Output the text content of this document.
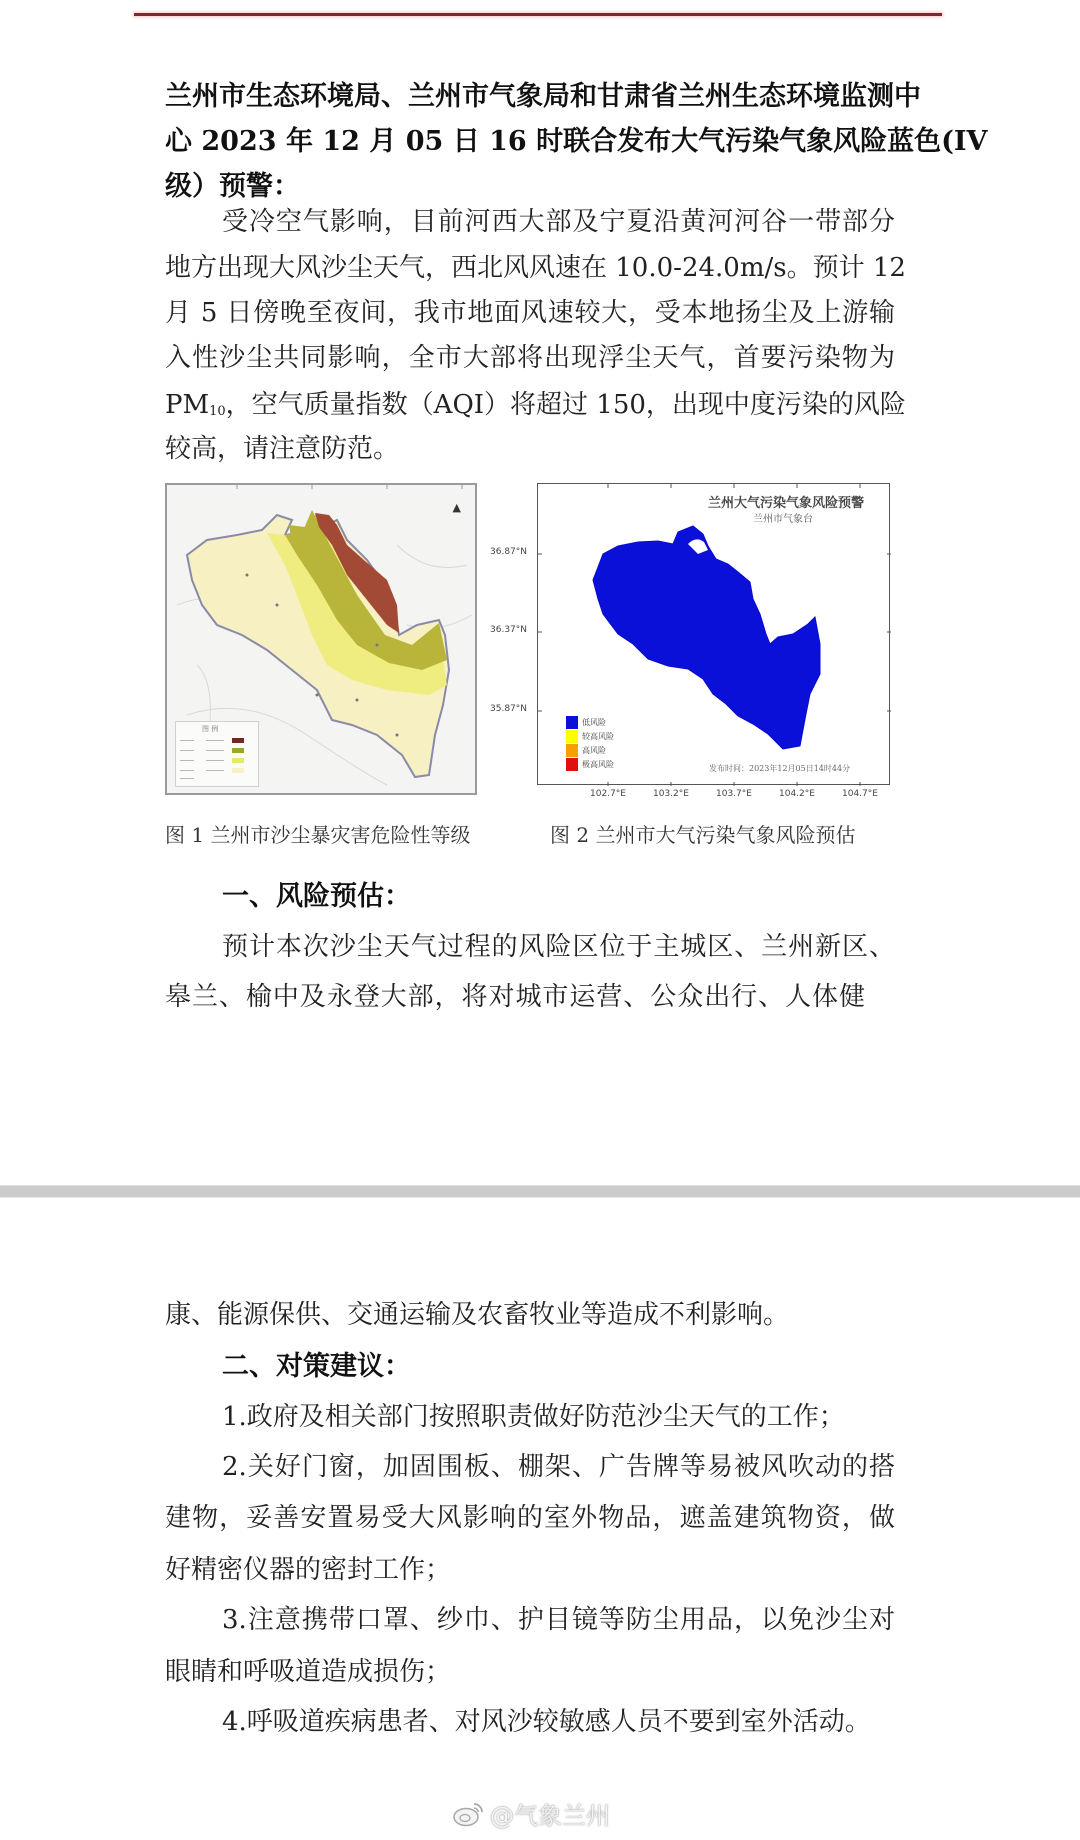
兰州市生态环境局、兰州市气象局和甘肃省兰州生态环境监测中
心 2023 年 12 月 05 日 16 时联合发布大气污染气象风险蓝色(IV
级）预警：
受冷空气影响，目前河西大部及宁夏沿黄河河谷一带部分
地方出现大风沙尘天气，西北风风速在 10.0-24.0m/s。预计 12
月 5 日傍晚至夜间，我市地面风速较大，受本地扬尘及上游输
入性沙尘共同影响，全市大部将出现浮尘天气，首要污染物为
$PM_{10}$ ，空气质量指数（AQI）将超过 150，出现中度污染的风险
较高，请注意防范。
▲
图 例
兰州大气污染气象风险预警
兰州市气象台
36.87°N
36.37°N
35.87°N
102.7°E	103.2°E	103.7°E	104.2°E	104.7°E
低风险
较高风险
高风险
极高风险	发布时间：2023年12月05日14时44分
图 1 兰州市沙尘暴灾害危险性等级	图 2 兰州市大气污染气象风险预估
一、风险预估：
预计本次沙尘天气过程的风险区位于主城区、兰州新区、
皋兰、榆中及永登大部，将对城市运营、公众出行、人体健
康、能源保供、交通运输及农畜牧业等造成不利影响。
二、对策建议：
1.政府及相关部门按照职责做好防范沙尘天气的工作；
2.关好门窗，加固围板、棚架、广告牌等易被风吹动的搭
建物，妥善安置易受大风影响的室外物品，遮盖建筑物资，做
好精密仪器的密封工作；
3.注意携带口罩、纱巾、护目镜等防尘用品，以免沙尘对
眼睛和呼吸道造成损伤；
4.呼吸道疾病患者、对风沙较敏感人员不要到室外活动。
@气象兰州
